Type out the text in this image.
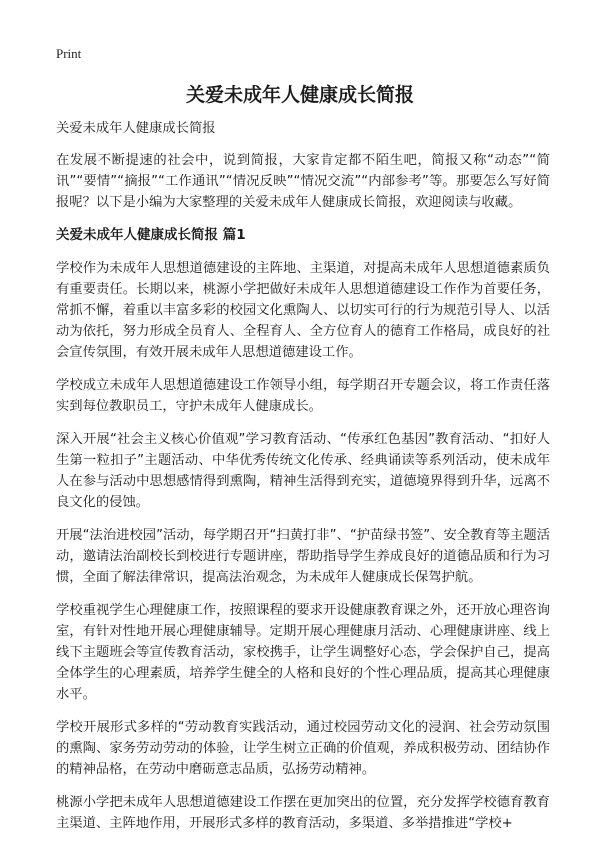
Print
关爱未成年人健康成长简报

关爱未成年人健康成长简报

在发展不断提速的社会中，说到简报，大家肯定都不陌生吧，简报又称“动态”“简讯”“要情”“摘报”“工作通讯”“情况反映”“情况交流”“内部参考”等。那要怎么写好简报呢？以下是小编为大家整理的关爱未成年人健康成长简报，欢迎阅读与收藏。

关爱未成年人健康成长简报 篇1

学校作为未成年人思想道德建设的主阵地、主渠道，对提高未成年人思想道德素质负有重要责任。长期以来，桃源小学把做好未成年人思想道德建设工作作为首要任务，常抓不懈，着重以丰富多彩的校园文化熏陶人、以切实可行的行为规范引导人、以活动为依托，努力形成全员育人、全程育人、全方位育人的德育工作格局，成良好的社会宣传氛围，有效开展未成年人思想道德建设工作。

学校成立未成年人思想道德建设工作领导小组，每学期召开专题会议，将工作责任落实到每位教职员工，守护未成年人健康成长。

深入开展“社会主义核心价值观”学习教育活动、“传承红色基因”教育活动、“扣好人生第一粒扣子”主题活动、中华优秀传统文化传承、经典诵读等系列活动，使未成年人在参与活动中思想感情得到熏陶，精神生活得到充实，道德境界得到升华，远离不良文化的侵蚀。

开展“法治进校园”活动，每学期召开“扫黄打非”、“护苗绿书签”、安全教育等主题活动，邀请法治副校长到校进行专题讲座，帮助指导学生养成良好的道德品质和行为习惯，全面了解法律常识，提高法治观念，为未成年人健康成长保驾护航。

学校重视学生心理健康工作，按照课程的要求开设健康教育课之外，还开放心理咨询室，有针对性地开展心理健康辅导。定期开展心理健康月活动、心理健康讲座、线上线下主题班会等宣传教育活动，家校携手，让学生调整好心态，学会保护自己，提高全体学生的心理素质，培养学生健全的人格和良好的个性心理品质，提高其心理健康水平。

学校开展形式多样的“劳动教育实践活动，通过校园劳动文化的浸润、社会劳动氛围的熏陶、家务劳动劳动的体验，让学生树立正确的价值观，养成积极劳动、团结协作的精神品格，在劳动中磨砺意志品质，弘扬劳动精神。

桃源小学把未成年人思想道德建设工作摆在更加突出的位置，充分发挥学校德育教育主渠道、主阵地作用，开展形式多样的教育活动，多渠道、多举措推进“学校+
